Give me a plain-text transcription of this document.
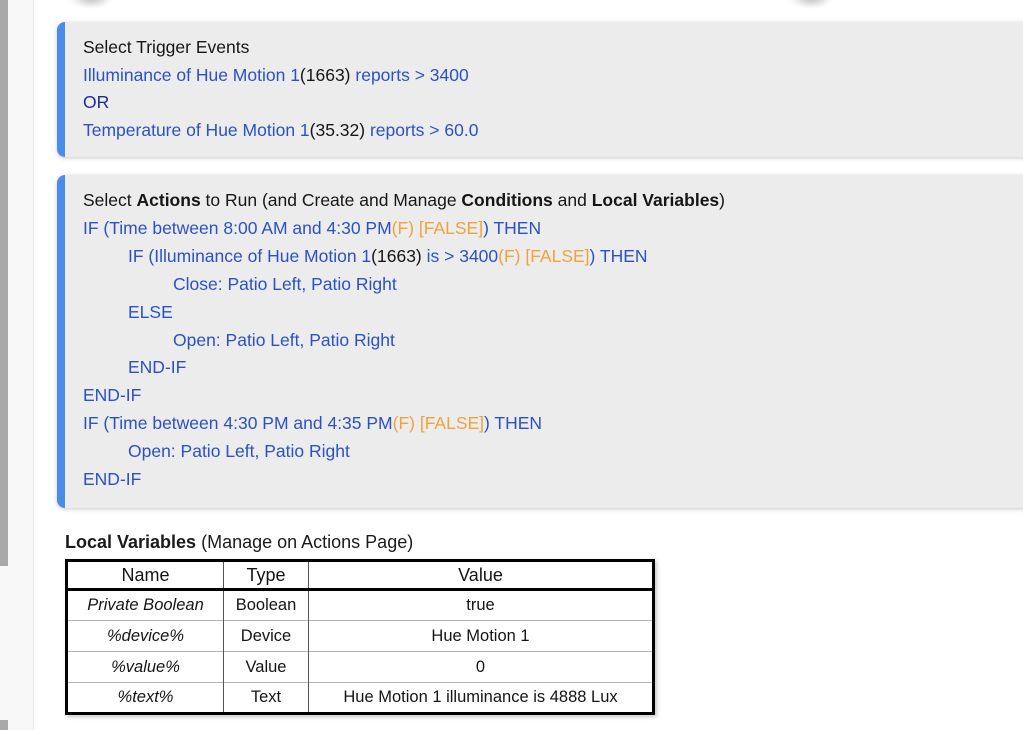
Select Trigger Events
Illuminance of Hue Motion 1(1663) reports > 3400
OR
Temperature of Hue Motion 1(35.32) reports > 60.0
Select Actions to Run (and Create and Manage Conditions and Local Variables)
IF (Time between 8:00 AM and 4:30 PM(F) [FALSE]) THEN
IF (Illuminance of Hue Motion 1(1663) is > 3400(F) [FALSE]) THEN
Close: Patio Left, Patio Right
ELSE
Open: Patio Left, Patio Right
END-IF
END-IF
IF (Time between 4:30 PM and 4:35 PM(F) [FALSE]) THEN
Open: Patio Left, Patio Right
END-IF
Local Variables (Manage on Actions Page)
Name	Type	Value
Private Boolean	Boolean	true
%device%	Device	Hue Motion 1
%value%	Value	0
%text%	Text	Hue Motion 1 illuminance is 4888 Lux
